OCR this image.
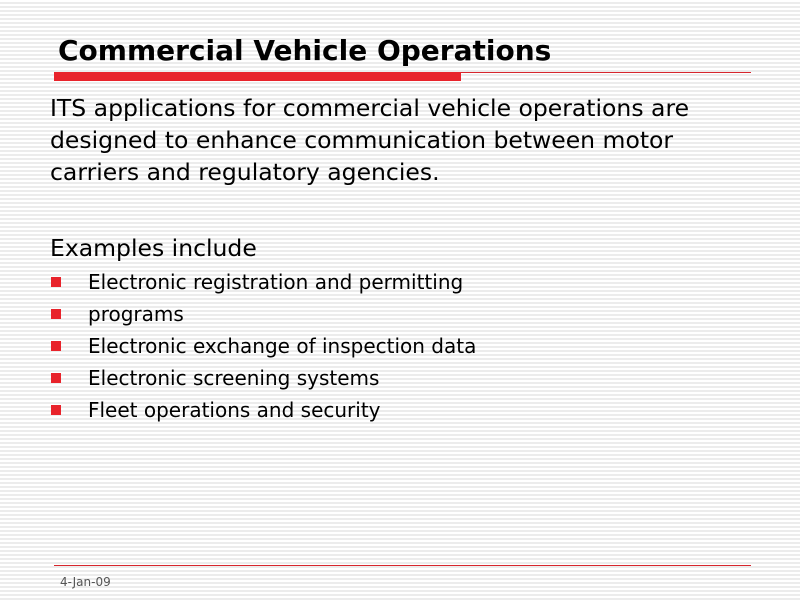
Commercial Vehicle Operations

ITS applications for commercial vehicle operations are designed to enhance communication between motor carriers and regulatory agencies.

Examples include

Electronic registration and permitting
programs
Electronic exchange of inspection data
Electronic screening systems
Fleet operations and security
4-Jan-09
